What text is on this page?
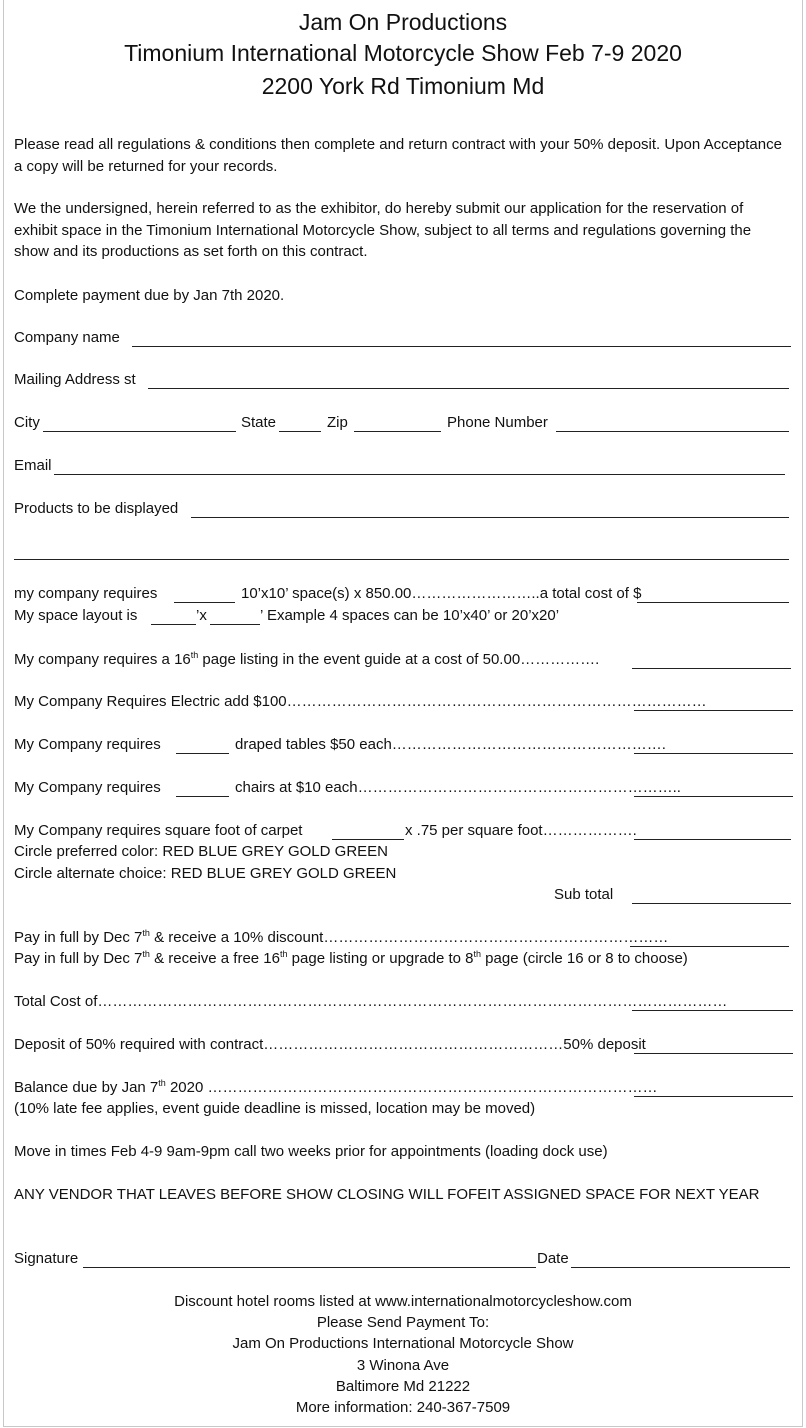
Jam On Productions
Timonium International Motorcycle Show Feb 7-9 2020
2200 York Rd Timonium Md
Please read all regulations & conditions then complete and return contract with your 50% deposit. Upon Acceptance a copy will be returned for your records.
We the undersigned, herein referred to as the exhibitor, do hereby submit our application for the reservation of exhibit space in the Timonium International Motorcycle Show, subject to all terms and regulations governing the show and its productions as set forth on this contract.
Complete payment due by Jan 7th 2020.
Company name
Mailing Address st
City	State	Zip	Phone Number
Email
Products to be displayed
my company requires	10’x10’ space(s) x 850.00……………………..a total cost of $
My space layout is	’x	’ Example 4 spaces can be 10’x40’ or 20’x20’
My company requires a 16th page listing in the event guide at a cost of 50.00…………….
My Company Requires Electric add $100…………………………………………………………………………
My Company requires	draped tables $50 each……………………………………………….
My Company requires	chairs at $10 each………………………………………………………..
My Company requires square foot of carpet	x .75 per square foot……………….
Circle preferred color: RED BLUE GREY GOLD GREEN
Circle alternate choice: RED BLUE GREY GOLD GREEN
Sub total
Pay in full by Dec 7th & receive a 10% discount……………………………………………………………
Pay in full by Dec 7th & receive a free 16th page listing or upgrade to 8th page (circle 16 or 8 to choose)
Total Cost of………………………………………………………………………………………………………………
Deposit of 50% required with contract……………………………………………………50% deposit
Balance due by Jan 7th 2020 ………………………………………………………………………………
(10% late fee applies, event guide deadline is missed, location may be moved)
Move in times Feb 4-9 9am-9pm call two weeks prior for appointments (loading dock use)
ANY VENDOR THAT LEAVES BEFORE SHOW CLOSING WILL FOFEIT ASSIGNED SPACE FOR NEXT YEAR
Signature	Date
Discount hotel rooms listed at www.internationalmotorcycleshow.com
Please Send Payment To:
Jam On Productions International Motorcycle Show
3 Winona Ave
Baltimore Md 21222
More information: 240-367-7509
